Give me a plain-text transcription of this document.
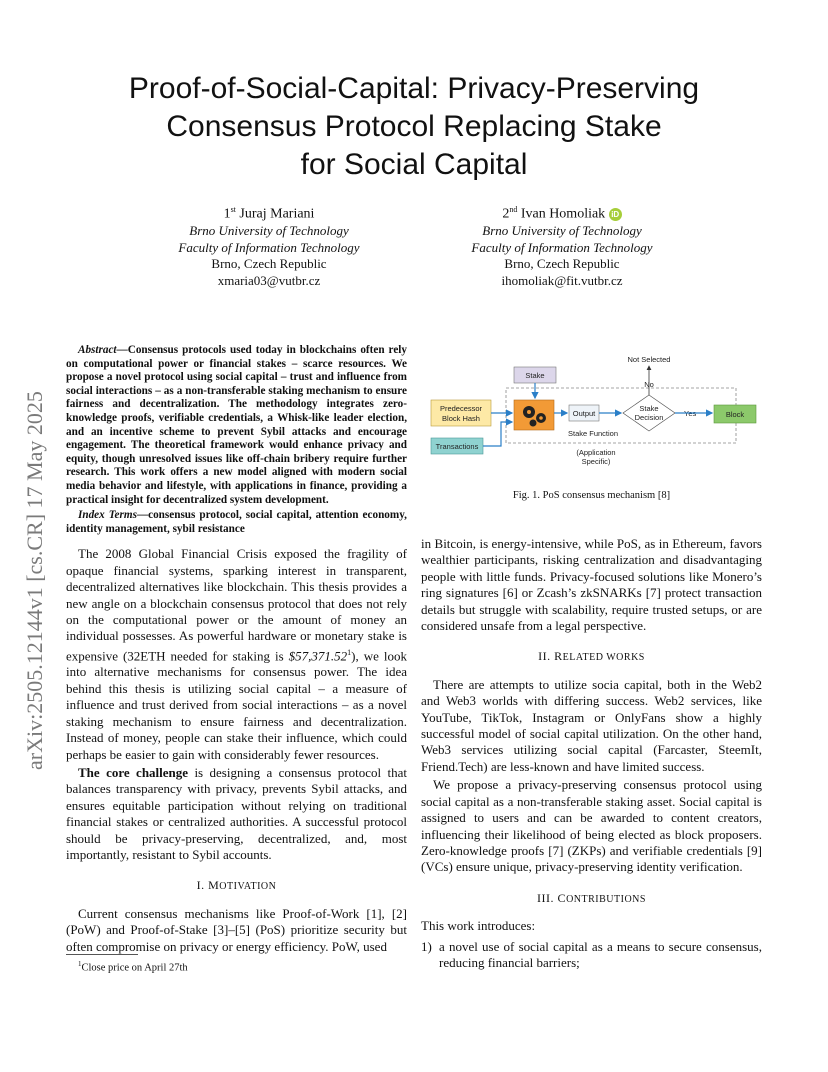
arXiv:2505.12144v1 [cs.CR] 17 May 2025
Proof-of-Social-Capital: Privacy-Preserving
Consensus Protocol Replacing Stake
for Social Capital
1st Juraj Mariani
Brno University of Technology
Faculty of Information Technology
Brno, Czech Republic
xmaria03@vutbr.cz
2nd Ivan Homoliak iD
Brno University of Technology
Faculty of Information Technology
Brno, Czech Republic
ihomoliak@fit.vutbr.cz

Abstract—Consensus protocols used today in blockchains often rely on computational power or financial stakes – scarce resources. We propose a novel protocol using social capital – trust and influence from social interactions – as a non-transferable staking mechanism to ensure fairness and decentralization. The methodology integrates zero-knowledge proofs, verifiable credentials, a Whisk-like leader election, and an incentive scheme to prevent Sybil attacks and encourage engagement. The theoretical framework would enhance privacy and equity, though unresolved issues like off-chain bribery require further research. This work offers a new model aligned with modern social media behavior and lifestyle, with applications in finance, providing a practical insight for decentralized system development.

Index Terms—consensus protocol, social capital, attention economy, identity management, sybil resistance

The 2008 Global Financial Crisis exposed the fragility of opaque financial systems, sparking interest in transparent, decentralized alternatives like blockchain. This thesis provides a new angle on a blockchain consensus protocol that does not rely on the computational power or the amount of money an individual possesses. As powerful hardware or monetary stake is expensive (32ETH needed for staking is $57,371.52$^1$), we look into alternative mechanisms for consensus power. The idea behind this thesis is utilizing social capital – a measure of influence and trust derived from social interactions – as a novel staking mechanism to ensure fairness and decentralization. Instead of money, people can stake their influence, which could perhaps be easier to gain with considerably fewer resources.

The core challenge is designing a consensus protocol that balances transparency with privacy, prevents Sybil attacks, and ensures equitable participation without relying on traditional financial stakes or centralized authorities. A successful protocol should be privacy-preserving, decentralized, and, most importantly, resistant to Sybil accounts.

I. MOTIVATION

Current consensus mechanisms like Proof-of-Work [1], [2] (PoW) and Proof-of-Stake [3]–[5] (PoS) prioritize security but often compromise on privacy or energy efficiency. PoW, used

$^1$Close price on April 27th
Stake
Predecessor
Block Hash
Output
Stake
Decision	Block
Transactions
Not Selected
No
Yes
Stake Function
(Application
Specific)
Fig. 1. PoS consensus mechanism [8]

in Bitcoin, is energy-intensive, while PoS, as in Ethereum, favors wealthier participants, risking centralization and disadvantaging people with little funds. Privacy-focused solutions like Monero’s ring signatures [6] or Zcash’s zkSNARKs [7] protect transaction details but struggle with scalability, require trusted setups, or are considered unsafe from a legal perspective.

II. RELATED WORKS

There are attempts to utilize socia capital, both in the Web2 and Web3 worlds with differing success. Web2 services, like YouTube, TikTok, Instagram or OnlyFans show a highly successful model of social capital utilization. On the other hand, Web3 services utilizing social capital (Farcaster, SteemIt, Friend.Tech) are less-known and have limited success.

We propose a privacy-preserving consensus protocol using social capital as a non-transferable staking asset. Social capital is assigned to users and can be awarded to content creators, influencing their likelihood of being elected as block proposers. Zero-knowledge proofs [7] (ZKPs) and verifiable credentials [9] (VCs) ensure unique, privacy-preserving identity verification.

III. CONTRIBUTIONS

This work introduces:

1) a novel use of social capital as a means to secure consensus, reducing financial barriers;
